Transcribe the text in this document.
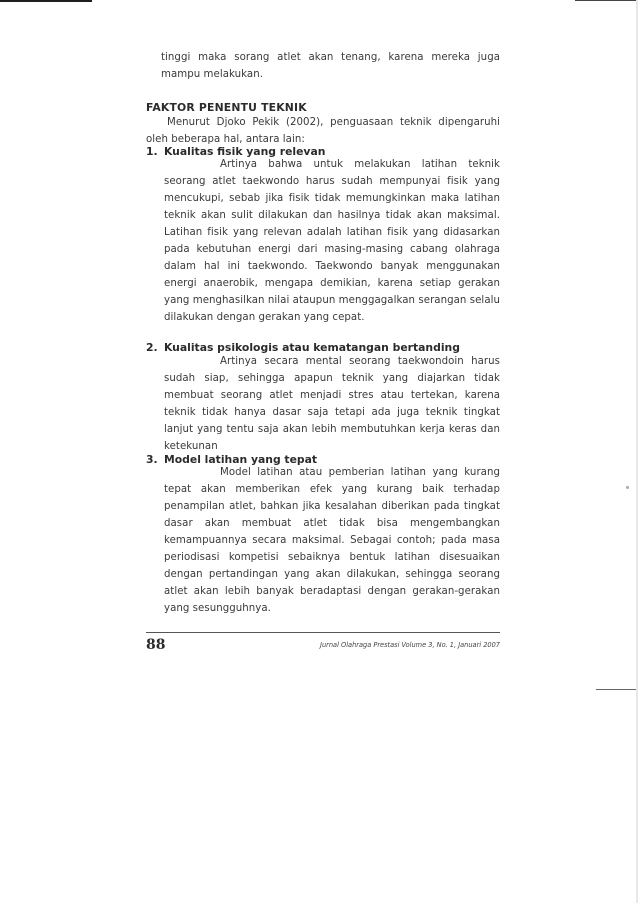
tinggi maka sorang atlet akan tenang, karena mereka juga mampu melakukan.

FAKTOR PENENTU TEKNIK

Menurut Djoko Pekik (2002), penguasaan teknik dipengaruhi oleh beberapa hal, antara lain:

1. Kualitas fisik yang relevan

Artinya bahwa untuk melakukan latihan teknik seorang atlet taekwondo harus sudah mempunyai fisik yang mencukupi, sebab jika fisik tidak memungkinkan maka latihan teknik akan sulit dilakukan dan hasilnya tidak akan maksimal. Latihan fisik yang relevan adalah latihan fisik yang didasarkan pada kebutuhan energi dari masing-masing cabang olahraga dalam hal ini taekwondo. Taekwondo banyak menggunakan energi anaerobik, mengapa demikian, karena setiap gerakan yang menghasilkan nilai ataupun menggagalkan serangan selalu dilakukan dengan gerakan yang cepat.

2. Kualitas psikologis atau kematangan bertanding

Artinya secara mental seorang taekwondoin harus sudah siap, sehingga apapun teknik yang diajarkan tidak membuat seorang atlet menjadi stres atau tertekan, karena teknik tidak hanya dasar saja tetapi ada juga teknik tingkat lanjut yang tentu saja akan lebih membutuhkan kerja keras dan ketekunan

3. Model latihan yang tepat

Model latihan atau pemberian latihan yang kurang tepat akan memberikan efek yang kurang baik terhadap penampilan atlet, bahkan jika kesalahan diberikan pada tingkat dasar akan membuat atlet tidak bisa mengembangkan kemampuannya secara maksimal. Sebagai contoh; pada masa periodisasi kompetisi sebaiknya bentuk latihan disesuaikan dengan pertandingan yang akan dilakukan, sehingga seorang atlet akan lebih banyak beradaptasi dengan gerakan-gerakan yang sesungguhnya.

88	Jurnal Olahraga Prestasi Volume 3, No. 1, Januari 2007
